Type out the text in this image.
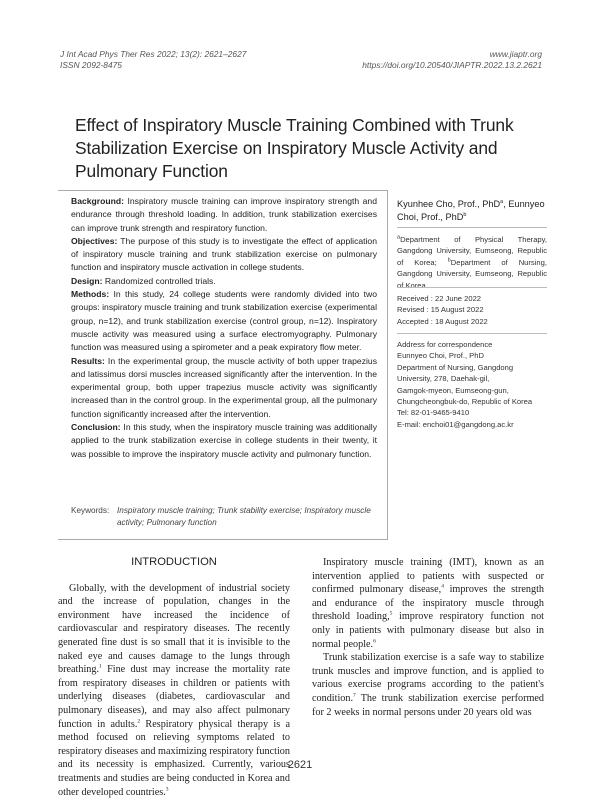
J Int Acad Phys Ther Res 2022; 13(2): 2621–2627
ISSN 2092-8475
www.jiaptr.org
https://doi.org/10.20540/JIAPTR.2022.13.2.2621
Effect of Inspiratory Muscle Training Combined with Trunk Stabilization Exercise on Inspiratory Muscle Activity and Pulmonary Function

Background: Inspiratory muscle training can improve inspiratory strength and endurance through threshold loading. In addition, trunk stabilization exercises can improve trunk strength and respiratory function.

Objectives: The purpose of this study is to investigate the effect of application of inspiratory muscle training and trunk stabilization exercise on pulmonary function and inspiratory muscle activation in college students.

Design: Randomized controlled trials.

Methods: In this study, 24 college students were randomly divided into two groups: inspiratory muscle training and trunk stabilization exercise (experimental group, n=12), and trunk stabilization exercise (control group, n=12). Inspiratory muscle activity was measured using a surface electromyography. Pulmonary function was measured using a spirometer and a peak expiratory flow meter.

Results: In the experimental group, the muscle activity of both upper trapezius and latissimus dorsi muscles increased significantly after the intervention. In the experimental group, both upper trapezius muscle activity was significantly increased than in the control group. In the experimental group, all the pulmonary function significantly increased after the intervention.

Conclusion: In this study, when the inspiratory muscle training was additionally applied to the trunk stabilization exercise in college students in their twenty, it was possible to improve the inspiratory muscle activity and pulmonary function.

Keywords: Inspiratory muscle training; Trunk stability exercise; Inspiratory muscle activity; Pulmonary function
Kyunhee Cho, Prof., PhD$^a$, Eunnyeo Choi, Prof., PhD$^b$
$^a$Department of Physical Therapy, Gangdong University, Eumseong, Republic of Korea; $^b$Department of Nursing, Gangdong University, Eumseong, Republic of Korea
Received : 22 June 2022
Revised : 15 August 2022
Accepted : 18 August 2022
Address for correspondence
Eunnyeo Choi, Prof., PhD
Department of Nursing, Gangdong University, 278, Daehak-gil,
Gamgok-myeon, Eumseong-gun,
Chungcheongbuk-do, Republic of Korea
Tel: 82-01-9465-9410
E-mail: enchoi01@gangdong.ac.kr
INTRODUCTION

Globally, with the development of industrial society and the increase of population, changes in the environment have increased the incidence of cardiovascular and respiratory diseases. The recently generated fine dust is so small that it is invisible to the naked eye and causes damage to the lungs through breathing.$^1$ Fine dust may increase the mortality rate from respiratory diseases in children or patients with underlying diseases (diabetes, cardiovascular and pulmonary diseases), and may also affect pulmonary function in adults.$^2$ Respiratory physical therapy is a method focused on relieving symptoms related to respiratory diseases and maximizing respiratory function and its necessity is emphasized. Currently, various treatments and studies are being conducted in Korea and other developed countries.$^3$

Inspiratory muscle training (IMT), known as an intervention applied to patients with suspected or confirmed pulmonary disease,$^4$ improves the strength and endurance of the inspiratory muscle through threshold loading,$^5$ improve respiratory function not only in patients with pulmonary disease but also in normal people.$^6$

Trunk stabilization exercise is a safe way to stabilize trunk muscles and improve function, and is applied to various exercise programs according to the patient's condition.$^7$ The trunk stabilization exercise performed for 2 weeks in normal persons under 20 years old was

2621
